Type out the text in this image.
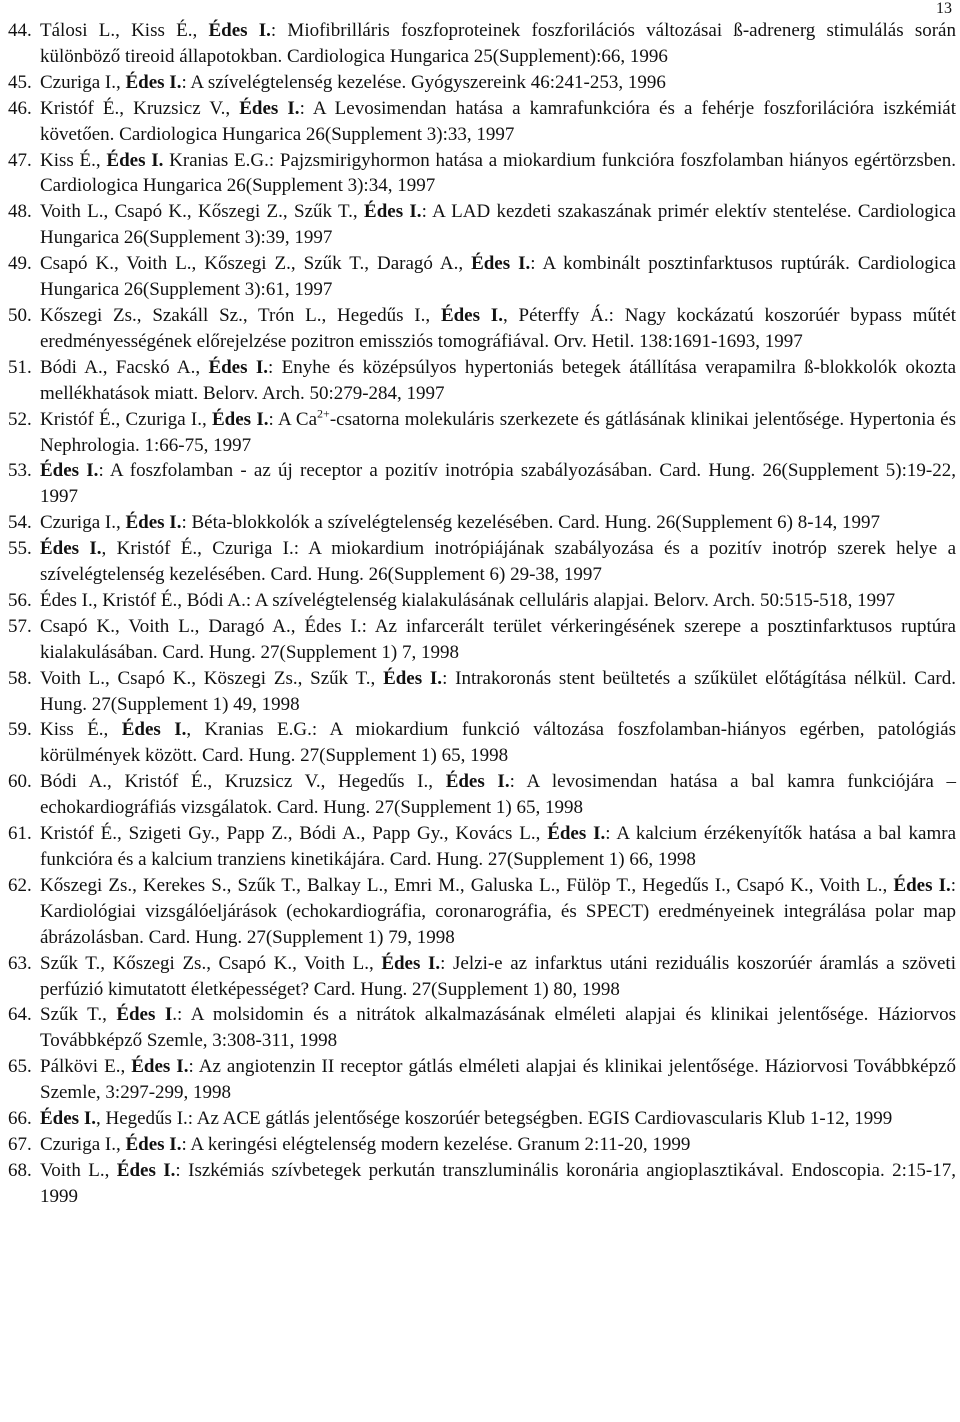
13
44. Tálosi L., Kiss É., Édes I.: Miofibrilláris foszfoproteinek foszforilációs változásai ß-adrenerg stimulálás során különböző tireoid állapotokban. Cardiologica Hungarica 25(Supplement):66, 1996
45. Czuriga I., Édes I.: A szívelégtelenség kezelése. Gyógyszereink 46:241-253, 1996
46. Kristóf É., Kruzsicz V., Édes I.: A Levosimendan hatása a kamrafunkcióra és a fehérje foszforilációra iszkémiát követően. Cardiologica Hungarica 26(Supplement 3):33, 1997
47. Kiss É., Édes I. Kranias E.G.: Pajzsmirigyhormon hatása a miokardium funkcióra foszfolamban hiányos egértörzsben. Cardiologica Hungarica 26(Supplement 3):34, 1997
48. Voith L., Csapó K., Kőszegi Z., Szűk T., Édes I.: A LAD kezdeti szakaszának primér elektív stentelése. Cardiologica Hungarica 26(Supplement 3):39, 1997
49. Csapó K., Voith L., Kőszegi Z., Szűk T., Daragó A., Édes I.: A kombinált posztinfarktusos ruptúrák. Cardiologica Hungarica 26(Supplement 3):61, 1997
50. Kőszegi Zs., Szakáll Sz., Trón L., Hegedűs I., Édes I., Péterffy Á.: Nagy kockázatú koszorúér bypass műtét eredményességének előrejelzése pozitron emissziós tomográfiával. Orv. Hetil. 138:1691-1693, 1997
51. Bódi A., Facskó A., Édes I.: Enyhe és középsúlyos hypertoniás betegek átállítása verapamilra ß-blokkolók okozta mellékhatások miatt. Belorv. Arch. 50:279-284, 1997
52. Kristóf É., Czuriga I., Édes I.: A $Ca^{2+}$-csatorna molekuláris szerkezete és gátlásának klinikai jelentősége. Hypertonia és Nephrologia. 1:66-75, 1997
53. Édes I.: A foszfolamban - az új receptor a pozitív inotrópia szabályozásában. Card. Hung. 26(Supplement 5):19-22, 1997
54. Czuriga I., Édes I.: Béta-blokkolók a szívelégtelenség kezelésében. Card. Hung. 26(Supplement 6) 8-14, 1997
55. Édes I., Kristóf É., Czuriga I.: A miokardium inotrópiájának szabályozása és a pozitív inotróp szerek helye a szívelégtelenség kezelésében. Card. Hung. 26(Supplement 6) 29-38, 1997
56. Édes I., Kristóf É., Bódi A.: A szívelégtelenség kialakulásának celluláris alapjai. Belorv. Arch. 50:515-518, 1997
57. Csapó K., Voith L., Daragó A., Édes I.: Az infarcerált terület vérkeringésének szerepe a posztinfarktusos ruptúra kialakulásában. Card. Hung. 27(Supplement 1) 7, 1998
58. Voith L., Csapó K., Köszegi Zs., Szűk T., Édes I.: Intrakoronás stent beültetés a szűkület előtágítása nélkül. Card. Hung. 27(Supplement 1) 49, 1998
59. Kiss É., Édes I., Kranias E.G.: A miokardium funkció változása foszfolamban-hiányos egérben, patológiás körülmények között. Card. Hung. 27(Supplement 1) 65, 1998
60. Bódi A., Kristóf É., Kruzsicz V., Hegedűs I., Édes I.: A levosimendan hatása a bal kamra funkciójára – echokardiográfiás vizsgálatok. Card. Hung. 27(Supplement 1) 65, 1998
61. Kristóf É., Szigeti Gy., Papp Z., Bódi A., Papp Gy., Kovács L., Édes I.: A kalcium érzékenyítők hatása a bal kamra funkcióra és a kalcium tranziens kinetikájára. Card. Hung. 27(Supplement 1) 66, 1998
62. Kőszegi Zs., Kerekes S., Szűk T., Balkay L., Emri M., Galuska L., Fülöp T., Hegedűs I., Csapó K., Voith L., Édes I.: Kardiológiai vizsgálóeljárások (echokardiográfia, coronarográfia, és SPECT) eredményeinek integrálása polar map ábrázolásban. Card. Hung. 27(Supplement 1) 79, 1998
63. Szűk T., Kőszegi Zs., Csapó K., Voith L., Édes I.: Jelzi-e az infarktus utáni reziduális koszorúér áramlás a szöveti perfúzió kimutatott életképességet? Card. Hung. 27(Supplement 1) 80, 1998
64. Szűk T., Édes I.: A molsidomin és a nitrátok alkalmazásának elméleti alapjai és klinikai jelentősége. Háziorvos Továbbképző Szemle, 3:308-311, 1998
65. Pálkövi E., Édes I.: Az angiotenzin II receptor gátlás elméleti alapjai és klinikai jelentősége. Háziorvosi Továbbképző Szemle, 3:297-299, 1998
66. Édes I., Hegedűs I.: Az ACE gátlás jelentősége koszorúér betegségben. EGIS Cardiovascularis Klub 1-12, 1999
67. Czuriga I., Édes I.: A keringési elégtelenség modern kezelése. Granum 2:11-20, 1999
68. Voith L., Édes I.: Iszkémiás szívbetegek perkután transzluminális koronária angioplasztikával. Endoscopia. 2:15-17, 1999
